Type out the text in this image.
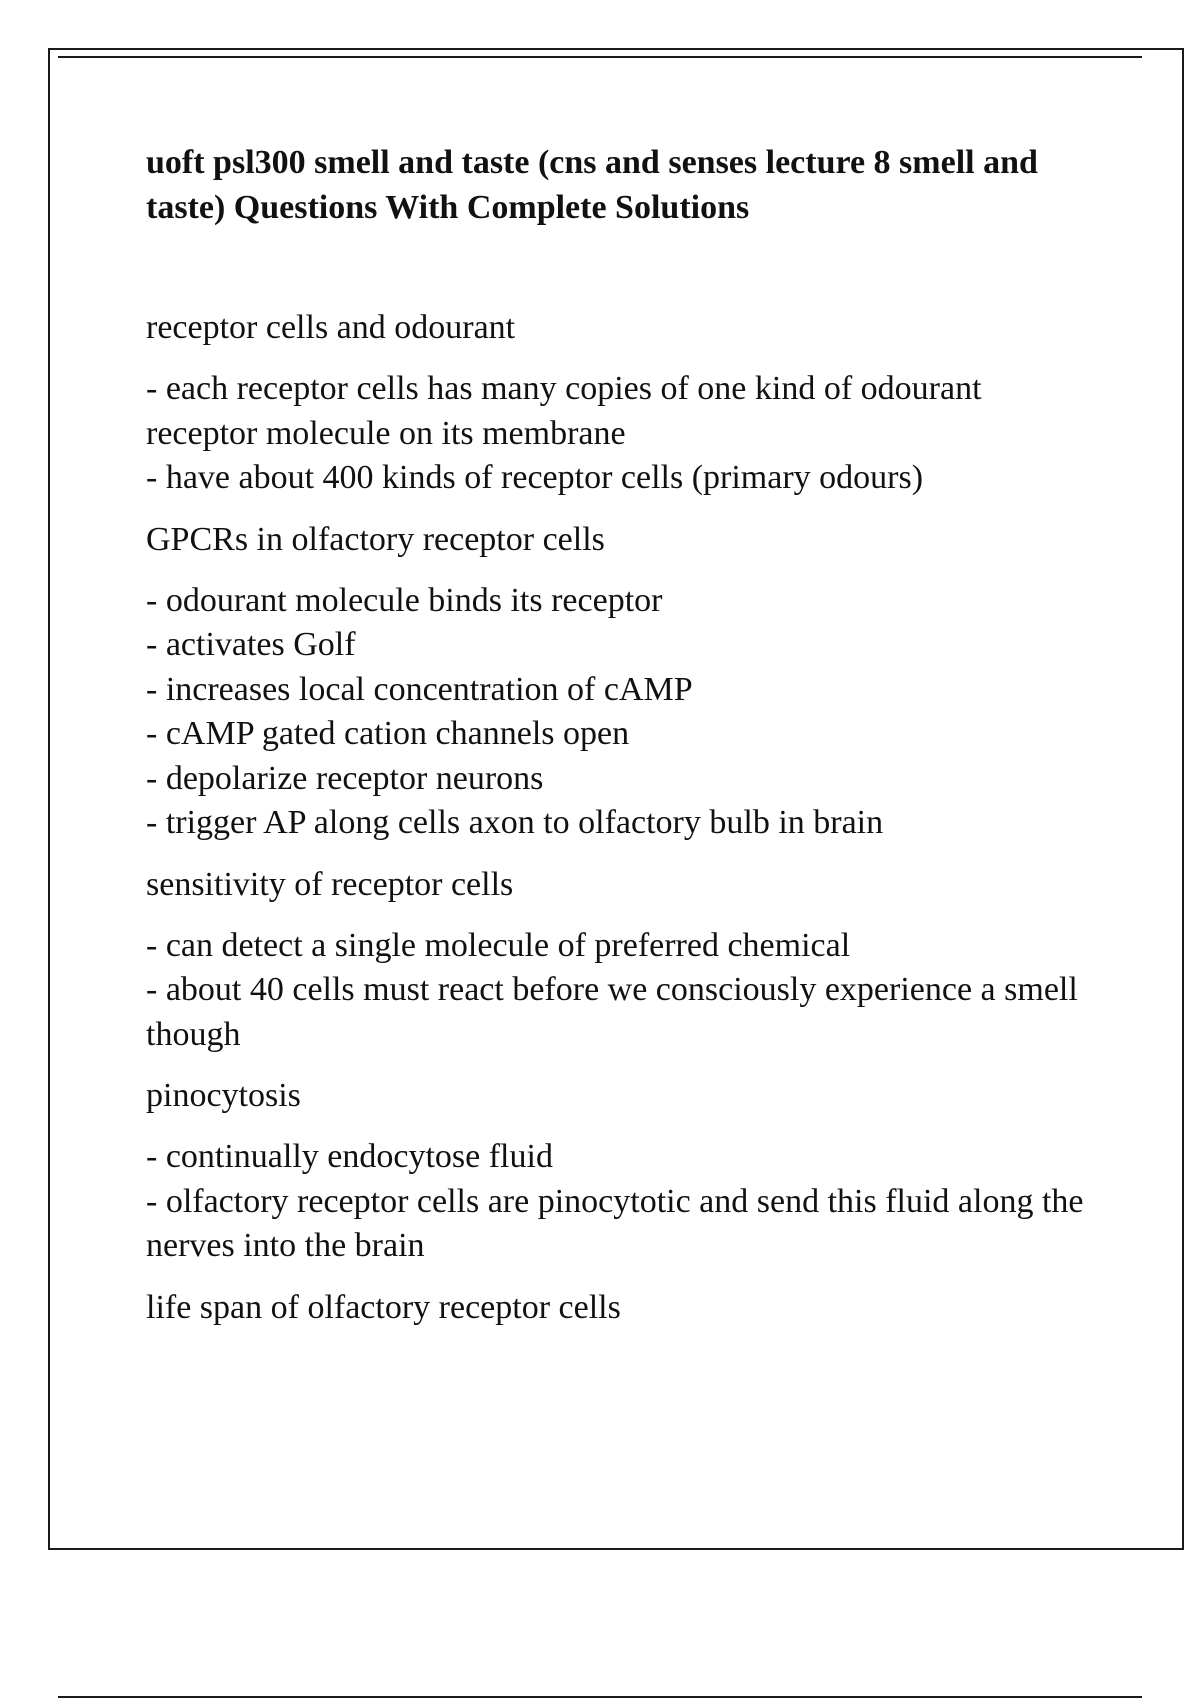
uoft psl300 smell and taste (cns and senses lecture 8 smell and taste) Questions With Complete Solutions

receptor cells and odourant

- each receptor cells has many copies of one kind of odourant receptor molecule on its membrane
- have about 400 kinds of receptor cells (primary odours)

GPCRs in olfactory receptor cells

- odourant molecule binds its receptor
- activates Golf
- increases local concentration of cAMP
- cAMP gated cation channels open
- depolarize receptor neurons
- trigger AP along cells axon to olfactory bulb in brain

sensitivity of receptor cells

- can detect a single molecule of preferred chemical
- about 40 cells must react before we consciously experience a smell though

pinocytosis

- continually endocytose fluid
- olfactory receptor cells are pinocytotic and send this fluid along the nerves into the brain

life span of olfactory receptor cells
